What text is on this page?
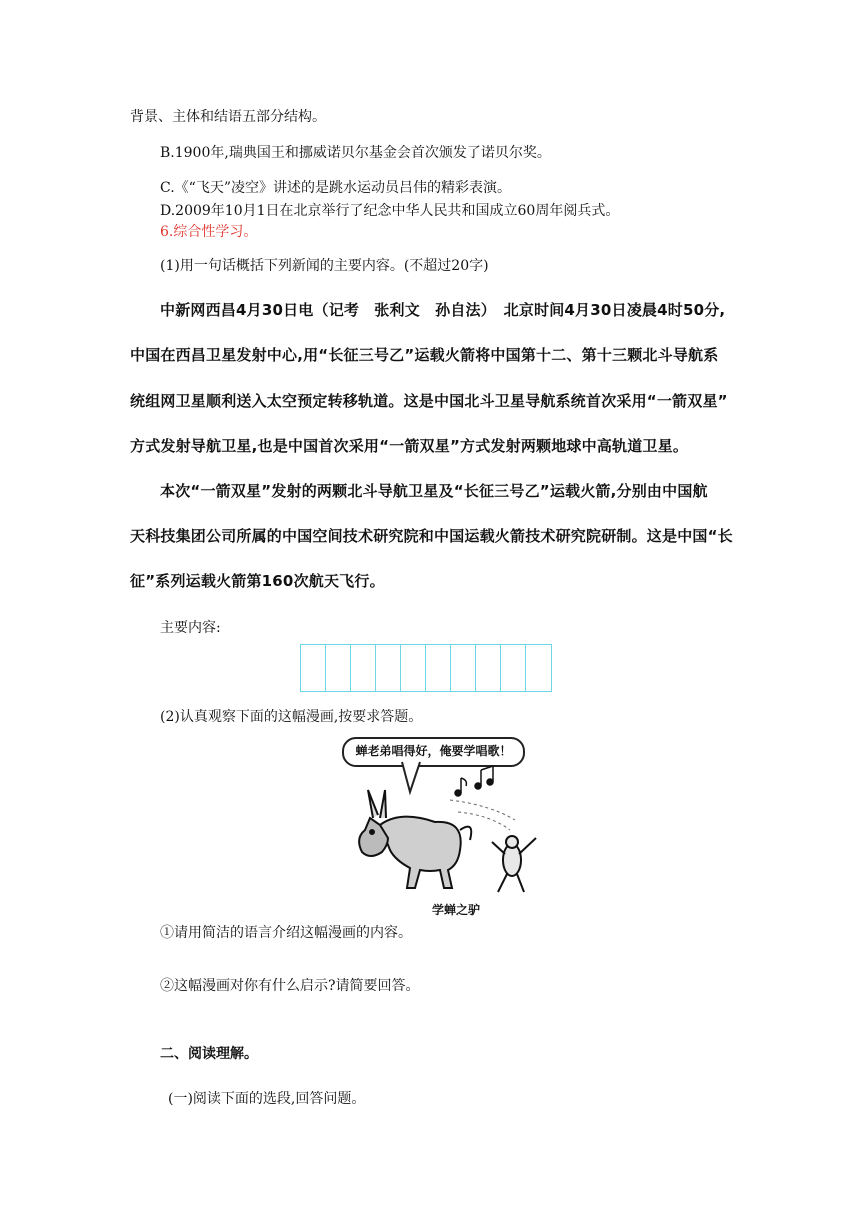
背景、主体和结语五部分结构。
B.1900年,瑞典国王和挪威诺贝尔基金会首次颁发了诺贝尔奖。
C.《“飞天”凌空》讲述的是跳水运动员吕伟的精彩表演。
D.2009年10月1日在北京举行了纪念中华人民共和国成立60周年阅兵式。
6.综合性学习。
(1)用一句话概括下列新闻的主要内容。(不超过20字)
中新网西昌4月30日电（记考　张利文　孙自法）　北京时间4月30日凌晨4时50分,
中国在西昌卫星发射中心,用“长征三号乙”运载火箭将中国第十二、第十三颗北斗导航系
统组网卫星顺利送入太空预定转移轨道。这是中国北斗卫星导航系统首次采用“一箭双星”
方式发射导航卫星,也是中国首次采用“一箭双星”方式发射两颗地球中高轨道卫星。
本次“一箭双星”发射的两颗北斗导航卫星及“长征三号乙”运载火箭,分别由中国航
天科技集团公司所属的中国空间技术研究院和中国运载火箭技术研究院研制。这是中国“长
征”系列运载火箭第160次航天飞行。
主要内容:
(2)认真观察下面的这幅漫画,按要求答题。
蝉老弟唱得好，俺要学唱歌！
学蝉之驴
①请用简洁的语言介绍这幅漫画的内容。
②这幅漫画对你有什么启示?请简要回答。
二、阅读理解。
(一)阅读下面的选段,回答问题。
